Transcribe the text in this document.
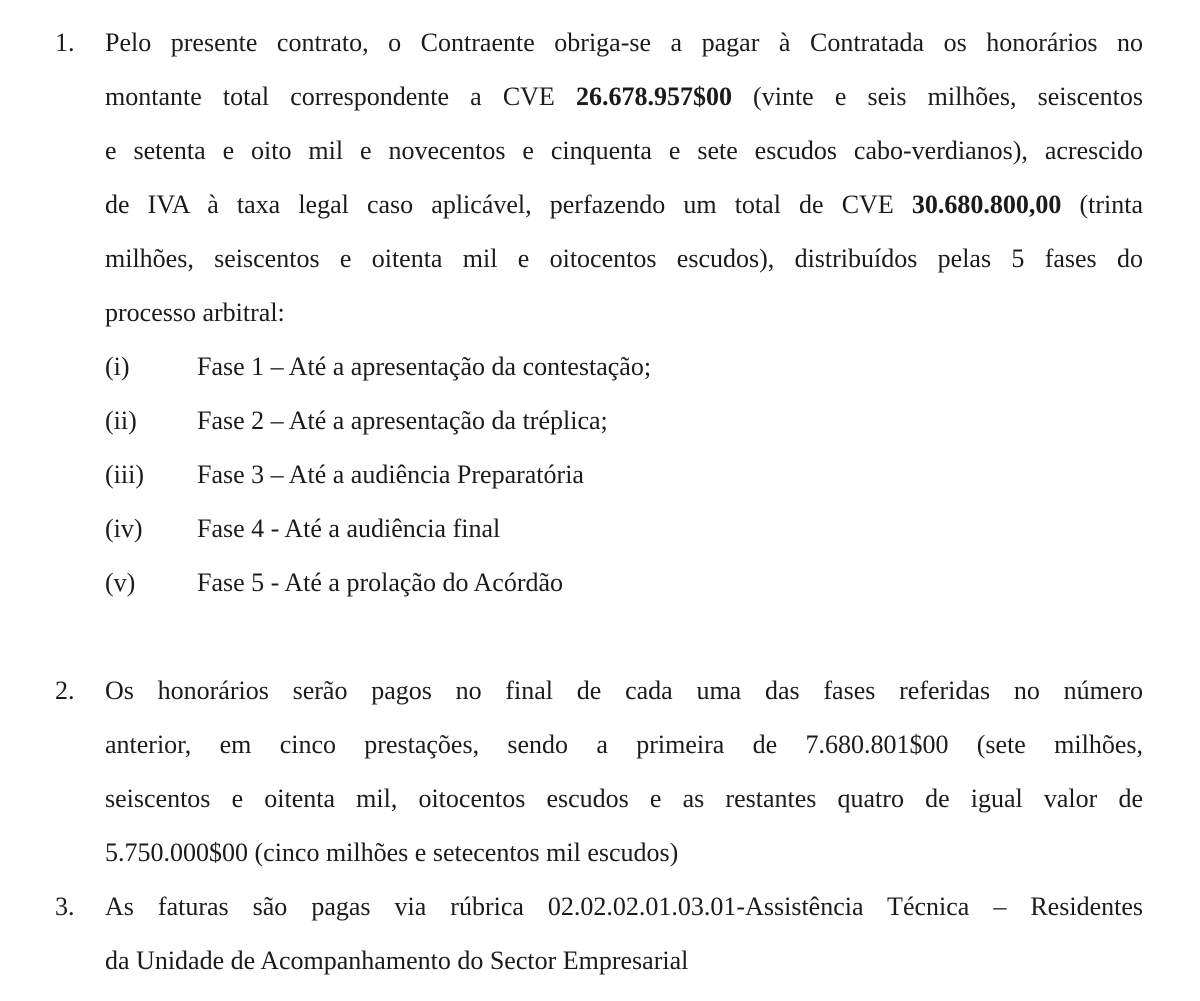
1.	Pelo presente contrato, o Contraente obriga-se a pagar à Contratada os honorários no
montante total correspondente a CVE 26.678.957$00 (vinte e seis milhões, seiscentos
e setenta e oito mil e novecentos e cinquenta e sete escudos cabo-verdianos), acrescido
de IVA à taxa legal caso aplicável, perfazendo um total de CVE 30.680.800,00 (trinta
milhões, seiscentos e oitenta mil e oitocentos escudos), distribuídos pelas 5 fases do
processo arbitral:
(i)	Fase 1 – Até a apresentação da contestação;
(ii)	Fase 2 – Até a apresentação da tréplica;
(iii)	Fase 3 – Até a audiência Preparatória
(iv)	Fase 4 - Até a audiência final
(v)	Fase 5 - Até a prolação do Acórdão
2.	Os honorários serão pagos no final de cada uma das fases referidas no número
anterior, em cinco prestações, sendo a primeira de 7.680.801$00 (sete milhões,
seiscentos e oitenta mil, oitocentos escudos e as restantes quatro de igual valor de
5.750.000$00 (cinco milhões e setecentos mil escudos)
3.	As faturas são pagas via rúbrica 02.02.02.01.03.01-Assistência Técnica – Residentes
da Unidade de Acompanhamento do Sector Empresarial
